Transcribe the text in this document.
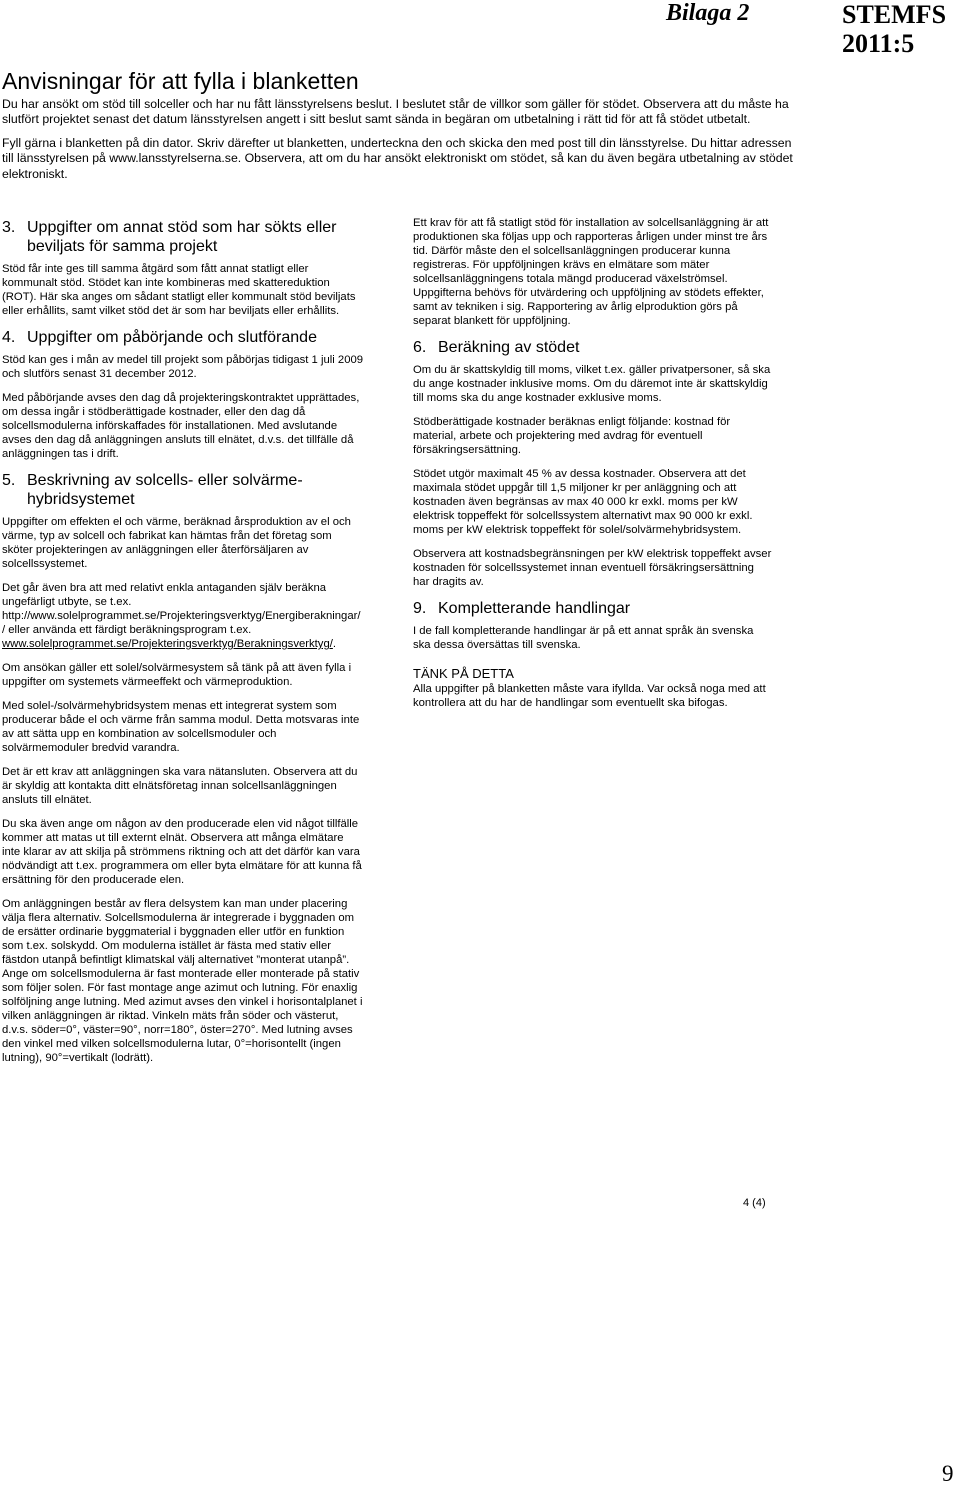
Bilaga 2	STEMFS
2011:5
Anvisningar för att fylla i blanketten

Du har ansökt om stöd till solceller och har nu fått länsstyrelsens beslut. I beslutet står de villkor som gäller för stödet. Observera att du måste ha slutfört projektet senast det datum länsstyrelsen angett i sitt beslut samt sända in begäran om utbetalning i rätt tid för att få stödet utbetalt.

Fyll gärna i blanketten på din dator. Skriv därefter ut blanketten, underteckna den och skicka den med post till din länsstyrelse. Du hittar adressen till länsstyrelsen på www.lansstyrelserna.se. Observera, att om du har ansökt elektroniskt om stödet, så kan du även begära utbetalning av stödet elektroniskt.

3. Uppgifter om annat stöd som har sökts eller beviljats för samma projekt

Stöd får inte ges till samma åtgärd som fått annat statligt eller kommunalt stöd. Stödet kan inte kombineras med skattereduktion (ROT). Här ska anges om sådant statligt eller kommunalt stöd beviljats eller erhållits, samt vilket stöd det är som har beviljats eller erhållits.

4. Uppgifter om påbörjande och slutförande

Stöd kan ges i mån av medel till projekt som påbörjas tidigast 1 juli 2009 och slutförs senast 31 december 2012.

Med påbörjande avses den dag då projekteringskontraktet upprättades, om dessa ingår i stödberättigade kostnader, eller den dag då solcellsmodulerna införskaffades för installationen. Med avslutande avses den dag då anläggningen ansluts till elnätet, d.v.s. det tillfälle då anläggningen tas i drift.

5. Beskrivning av solcells- eller solvärme-hybridsystemet

Uppgifter om effekten el och värme, beräknad årsproduktion av el och värme, typ av solcell och fabrikat kan hämtas från det företag som sköter projekteringen av anläggningen eller återförsäljaren av solcellssystemet.

Det går även bra att med relativt enkla antaganden själv beräkna ungefärligt utbyte, se t.ex. http://www.solelprogrammet.se/Projekteringsverktyg/Energiberakningar/ / eller använda ett färdigt beräkningsprogram t.ex.
www.solelprogrammet.se/Projekteringsverktyg/Berakningsverktyg/.

Om ansökan gäller ett solel/solvärmesystem så tänk på att även fylla i uppgifter om systemets värmeeffekt och värmeproduktion.

Med solel-/solvärmehybridsystem menas ett integrerat system som producerar både el och värme från samma modul. Detta motsvaras inte av att sätta upp en kombination av solcellsmoduler och solvärmemoduler bredvid varandra.

Det är ett krav att anläggningen ska vara nätansluten. Observera att du är skyldig att kontakta ditt elnätsföretag innan solcellsanläggningen ansluts till elnätet.

Du ska även ange om någon av den producerade elen vid något tillfälle kommer att matas ut till externt elnät. Observera att många elmätare inte klarar av att skilja på strömmens riktning och att det därför kan vara nödvändigt att t.ex. programmera om eller byta elmätare för att kunna få ersättning för den producerade elen.

Om anläggningen består av flera delsystem kan man under placering välja flera alternativ. Solcellsmodulerna är integrerade i byggnaden om de ersätter ordinarie byggmaterial i byggnaden eller utför en funktion som t.ex. solskydd. Om modulerna istället är fästa med stativ eller fästdon utanpå befintligt klimatskal välj alternativet ”monterat utanpå”. Ange om solcellsmodulerna är fast monterade eller monterade på stativ som följer solen. För fast montage ange azimut och lutning. För enaxlig solföljning ange lutning. Med azimut avses den vinkel i horisontalplanet i vilken anläggningen är riktad. Vinkeln mäts från söder och västerut, d.v.s. söder=0°, väster=90°, norr=180°, öster=270°. Med lutning avses den vinkel med vilken solcellsmodulerna lutar, 0°=horisontellt (ingen lutning), 90°=vertikalt (lodrätt).

Ett krav för att få statligt stöd för installation av solcellsanläggning är att produktionen ska följas upp och rapporteras årligen under minst tre års tid. Därför måste den el solcellsanläggningen producerar kunna registreras. För uppföljningen krävs en elmätare som mäter solcellsanläggningens totala mängd producerad växelströmsel. Uppgifterna behövs för utvärdering och uppföljning av stödets effekter, samt av tekniken i sig. Rapportering av årlig elproduktion görs på separat blankett för uppföljning.

6. Beräkning av stödet

Om du är skattskyldig till moms, vilket t.ex. gäller privatpersoner, så ska du ange kostnader inklusive moms. Om du däremot inte är skattskyldig till moms ska du ange kostnader exklusive moms.

Stödberättigade kostnader beräknas enligt följande: kostnad för material, arbete och projektering med avdrag för eventuell försäkringsersättning.

Stödet utgör maximalt 45 % av dessa kostnader. Observera att det maximala stödet uppgår till 1,5 miljoner kr per anläggning och att kostnaden även begränsas av max 40 000 kr exkl. moms per kW elektrisk toppeffekt för solcellssystem alternativt max 90 000 kr exkl. moms per kW elektrisk toppeffekt för solel/solvärmehybridsystem.

Observera att kostnadsbegränsningen per kW elektrisk toppeffekt avser kostnaden för solcellssystemet innan eventuell försäkringsersättning har dragits av.

9. Kompletterande handlingar

I de fall kompletterande handlingar är på ett annat språk än svenska ska dessa översättas till svenska.

TÄNK PÅ DETTA

Alla uppgifter på blanketten måste vara ifyllda. Var också noga med att kontrollera att du har de handlingar som eventuellt ska bifogas.

4 (4)
9
